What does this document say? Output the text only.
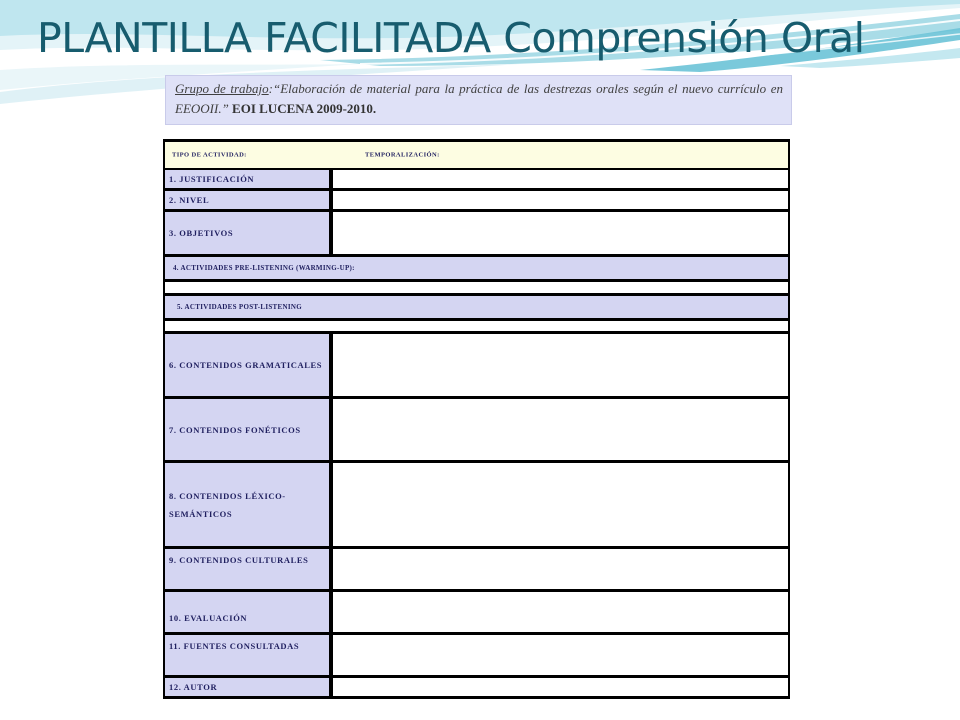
PLANTILLA FACILITADA Comprensión Oral
Grupo de trabajo:“Elaboración de material para la práctica de las destrezas orales según el nuevo currículo en EEOOII.” EOI LUCENA 2009-2010.
TIPO DE ACTIVIDAD:	TEMPORALIZACIÓN:
1. JUSTIFICACIÓN
2. NIVEL
3. OBJETIVOS
4. ACTIVIDADES PRE-LISTENING (WARMING-UP):
5. ACTIVIDADES POST-LISTENING
6. CONTENIDOS GRAMATICALES
7. CONTENIDOS FONÉTICOS
8. CONTENIDOS LÉXICO-SEMÁNTICOS
9. CONTENIDOS CULTURALES
10. EVALUACIÓN
11. FUENTES CONSULTADAS
12. AUTOR
